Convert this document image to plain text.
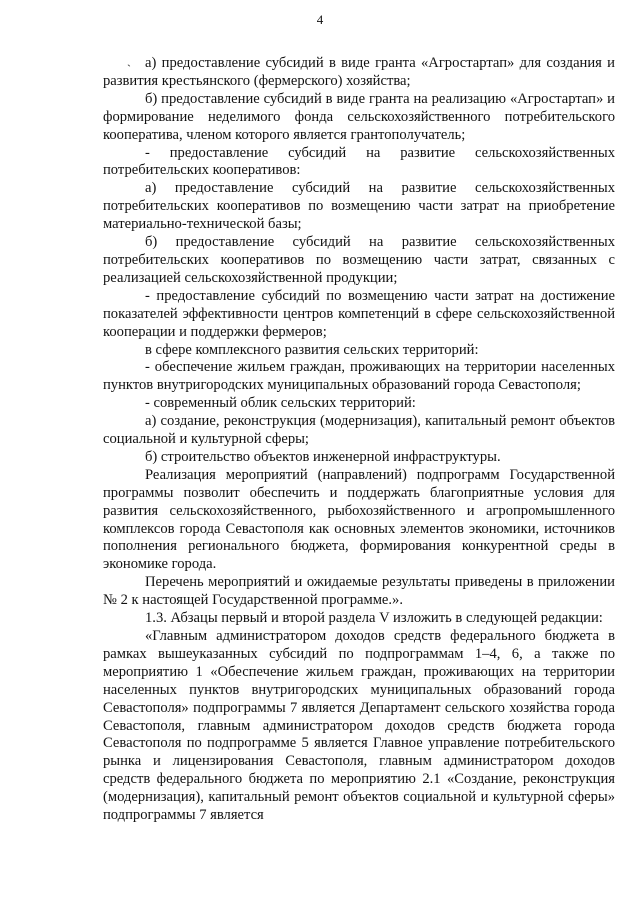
4
` а) предоставление субсидий в виде гранта «Агростартап» для создания и развития крестьянского (фермерского) хозяйства;

б) предоставление субсидий в виде гранта на реализацию «Агростартап» и формирование неделимого фонда сельскохозяйственного потребительского кооператива, членом которого является грантополучатель;

- предоставление субсидий на развитие сельскохозяйственных потребительских кооперативов:

а) предоставление субсидий на развитие сельскохозяйственных потребительских кооперативов по возмещению части затрат на приобретение материально-технической базы;

б) предоставление субсидий на развитие сельскохозяйственных потребительских кооперативов по возмещению части затрат, связанных с реализацией сельскохозяйственной продукции;

- предоставление субсидий по возмещению части затрат на достижение показателей эффективности центров компетенций в сфере сельскохозяйственной кооперации и поддержки фермеров;

в сфере комплексного развития сельских территорий:

- обеспечение жильем граждан, проживающих на территории населенных пунктов внутригородских муниципальных образований города Севастополя;

- современный облик сельских территорий:

а) создание, реконструкция (модернизация), капитальный ремонт объектов социальной и культурной сферы;

б) строительство объектов инженерной инфраструктуры.

Реализация мероприятий (направлений) подпрограмм Государственной программы позволит обеспечить и поддержать благоприятные условия для развития сельскохозяйственного, рыбохозяйственного и агропромышленного комплексов города Севастополя как основных элементов экономики, источников пополнения регионального бюджета, формирования конкурентной среды в экономике города.

Перечень мероприятий и ожидаемые результаты приведены в приложении № 2 к настоящей Государственной программе.».

1.3. Абзацы первый и второй раздела V изложить в следующей редакции:

«Главным администратором доходов средств федерального бюджета в рамках вышеуказанных субсидий по подпрограммам 1–4, 6, а также по мероприятию 1 «Обеспечение жильем граждан, проживающих на территории населенных пунктов внутригородских муниципальных образований города Севастополя» подпрограммы 7 является Департамент сельского хозяйства города Севастополя, главным администратором доходов средств бюджета города Севастополя по подпрограмме 5 является Главное управление потребительского рынка и лицензирования Севастополя, главным администратором доходов средств федерального бюджета по мероприятию 2.1 «Создание, реконструкция (модернизация), капитальный ремонт объектов социальной и культурной сферы» подпрограммы 7 является
